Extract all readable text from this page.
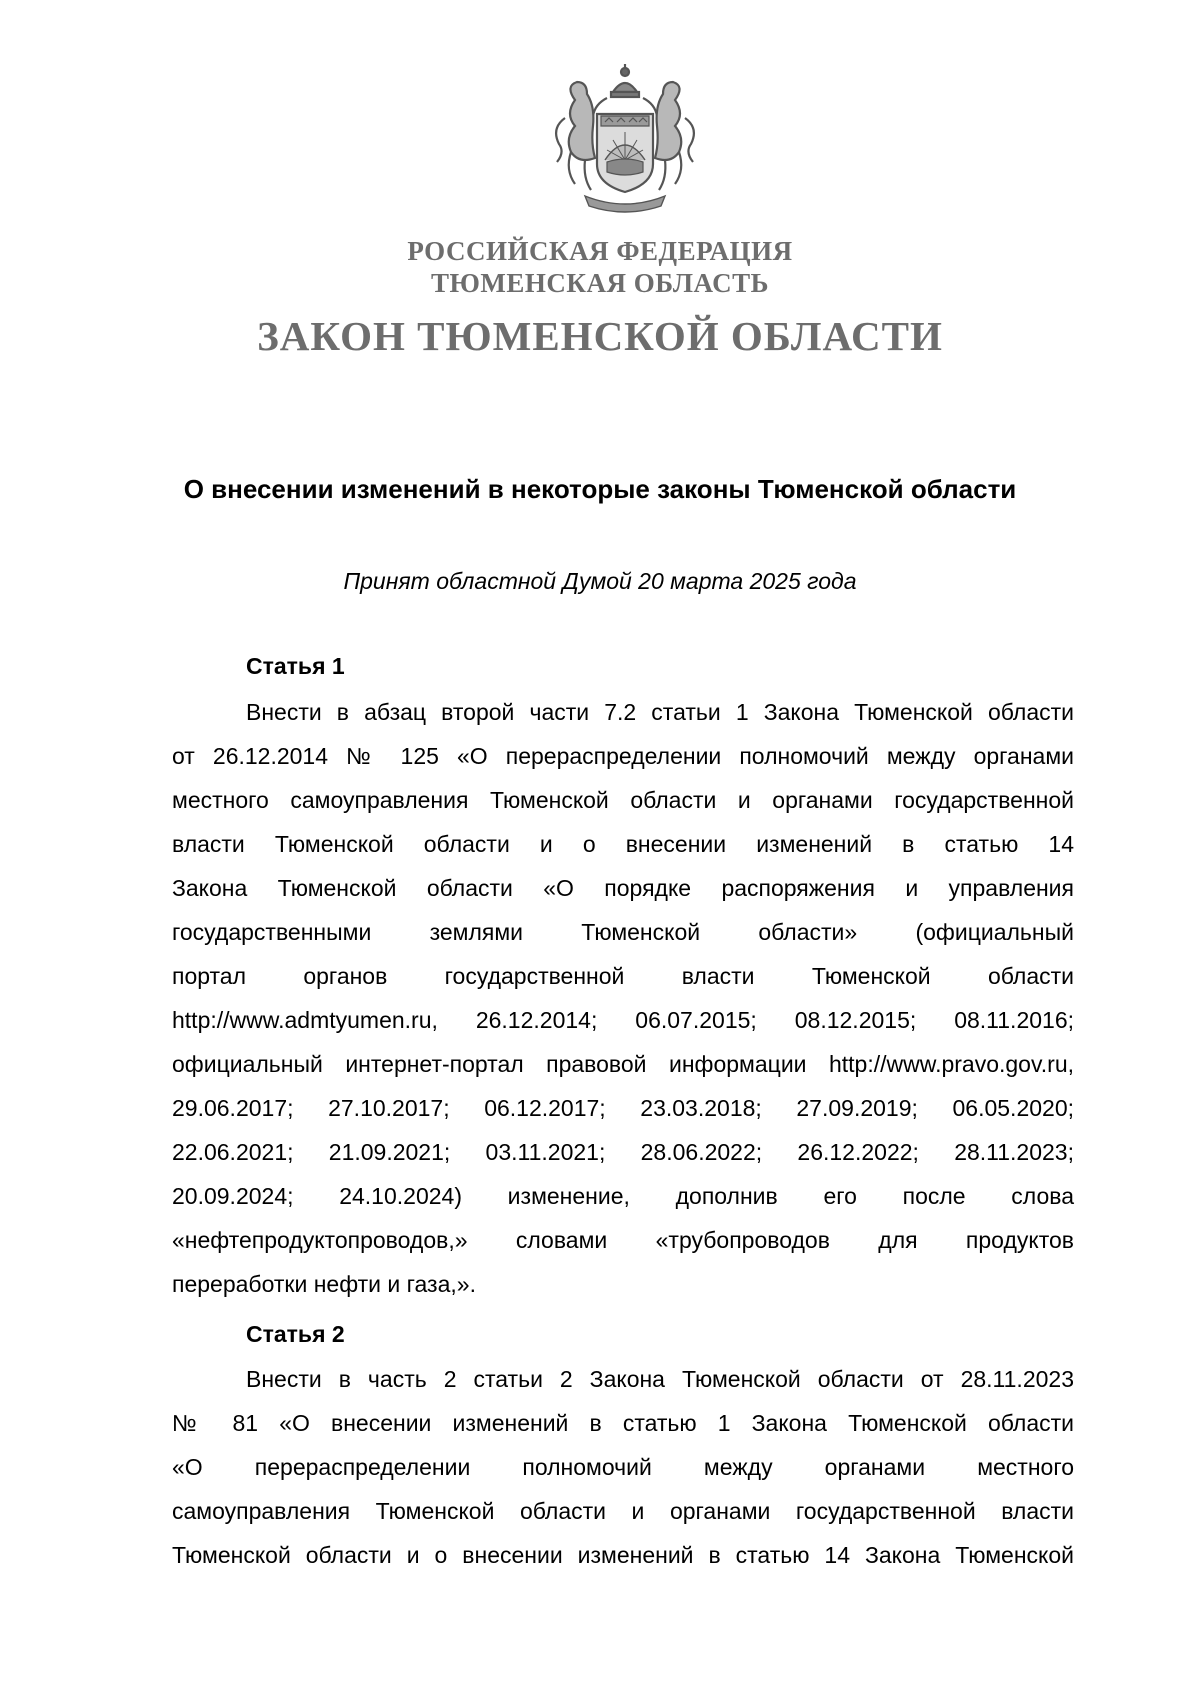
РОССИЙСКАЯ ФЕДЕРАЦИЯ
ТЮМЕНСКАЯ ОБЛАСТЬ
ЗАКОН ТЮМЕНСКОЙ ОБЛАСТИ
О внесении изменений в некоторые законы Тюменской области
Принят областной Думой 20 марта 2025 года
Статья 1
Внести в абзац второй части 7.2 статьи 1 Закона Тюменской области
от 26.12.2014 № 125 «О перераспределении полномочий между органами
местного самоуправления Тюменской области и органами государственной
власти Тюменской области и о внесении изменений в статью 14
Закона Тюменской области «О порядке распоряжения и управления
государственными землями Тюменской области» (официальный
портал органов государственной власти Тюменской области
http://www.admtyumen.ru, 26.12.2014; 06.07.2015; 08.12.2015; 08.11.2016;
официальный интернет-портал правовой информации http://www.pravo.gov.ru,
29.06.2017; 27.10.2017; 06.12.2017; 23.03.2018; 27.09.2019; 06.05.2020;
22.06.2021; 21.09.2021; 03.11.2021; 28.06.2022; 26.12.2022; 28.11.2023;
20.09.2024; 24.10.2024) изменение, дополнив его после слова
«нефтепродуктопроводов,» словами «трубопроводов для продуктов
переработки нефти и газа,».
Статья 2
Внести в часть 2 статьи 2 Закона Тюменской области от 28.11.2023
№ 81 «О внесении изменений в статью 1 Закона Тюменской области
«О перераспределении полномочий между органами местного
самоуправления Тюменской области и органами государственной власти
Тюменской области и о внесении изменений в статью 14 Закона Тюменской
